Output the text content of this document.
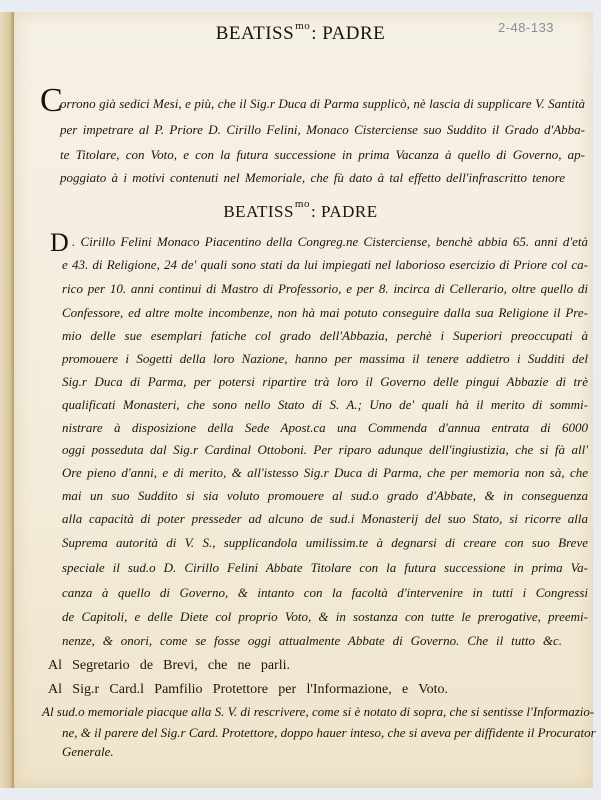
2-48-133
$BEATISS^{mo}$: PADRE
C
orrono già sedici Mesi, e più, che il Sig.r Duca di Parma supplicò, nè lascia di supplicare V. Santità
per impetrare al P. Priore D. Cirillo Felini, Monaco Cisterciense suo Suddito il Grado d'Abba-
te Titolare, con Voto, e con la futura successione in prima Vacanza à quello di Governo, ap-
poggiato à i motivi contenuti nel Memoriale, che fù dato à tal effetto dell'infrascritto tenore
$BEATISS^{mo}$: PADRE
D . Cirillo Felini Monaco Piacentino della Congreg.ne Cisterciense, benchè abbia 65. anni d'età
e 43. di Religione, 24 de' quali sono stati da lui impiegati nel laborioso esercizio di Priore col ca-
rico per 10. anni continui di Mastro di Professorio, e per 8. incirca di Cellerario, oltre quello di
Confessore, ed altre molte incombenze, non hà mai potuto conseguire dalla sua Religione il Pre-
mio delle sue esemplari fatiche col grado dell'Abbazia, perchè i Superiori preoccupati à
promouere i Sogetti della loro Nazione, hanno per massima il tenere addietro i Sudditi del
Sig.r Duca di Parma, per potersi ripartire trà loro il Governo delle pingui Abbazie di trè
qualificati Monasteri, che sono nello Stato di S. A.; Uno de' quali hà il merito di sommi-
nistrare à disposizione della Sede Apost.ca una Commenda d'annua entrata di 6000
oggi posseduta dal Sig.r Cardinal Ottoboni. Per riparo adunque dell'ingiustizia, che si fà all'
Ore pieno d'anni, e di merito, & all'istesso Sig.r Duca di Parma, che per memoria non sà, che
mai un suo Suddito si sia voluto promouere al sud.o grado d'Abbate, & in conseguenza
alla capacità di poter presseder ad alcuno de sud.i Monasterij del suo Stato, si ricorre alla
Suprema autorità di V. S., supplicandola umilissim.te à degnarsi di creare con suo Breve
speciale il sud.o D. Cirillo Felini Abbate Titolare con la futura successione in prima Va-
canza à quello di Governo, & intanto con la facoltà d'intervenire in tutti i Congressi
de Capitoli, e delle Diete col proprio Voto, & in sostanza con tutte le prerogative, preemi-
nenze, & onori, come se fosse oggi attualmente Abbate di Governo. Che il tutto &c.
Al Segretario de Brevi, che ne parli.
Al Sig.r Card.l Pamfilio Protettore per l'Informazione, e Voto.
Al sud.o memoriale piacque alla S. V. di rescrivere, come si è notato di sopra, che si sentisse l'Informazio-
ne, & il parere del Sig.r Card. Protettore, doppo hauer inteso, che si aveva per diffidente il Procurator
Generale.
